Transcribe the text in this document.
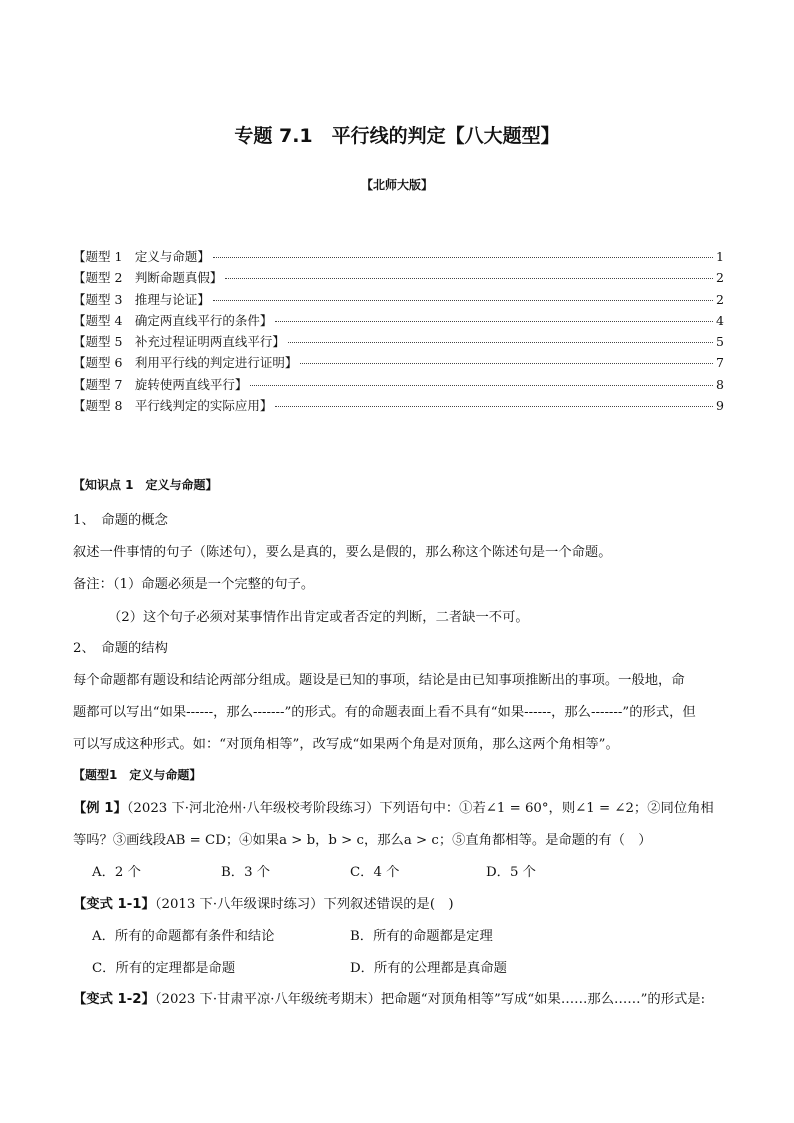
专题 7.1　平行线的判定【八大题型】
【北师大版】
【题型 1　定义与命题】	1
【题型 2　判断命题真假】	2
【题型 3　推理与论证】	2
【题型 4　确定两直线平行的条件】	4
【题型 5　补充过程证明两直线平行】	5
【题型 6　利用平行线的判定进行证明】	7
【题型 7　旋转使两直线平行】	8
【题型 8　平行线判定的实际应用】	9
【知识点 1　定义与命题】
1、　命题的概念
叙述一件事情的句子（陈述句），要么是真的，要么是假的，那么称这个陈述句是一个命题。
备注：（1）命题必须是一个完整的句子。
（2）这个句子必须对某事情作出肯定或者否定的判断，二者缺一不可。
2、　命题的结构
每个命题都有题设和结论两部分组成。题设是已知的事项，结论是由已知事项推断出的事项。一般地，命
题都可以写出“如果------，那么-------”的形式。有的命题表面上看不具有“如果------，那么-------”的形式，但
可以写成这种形式。如：“对顶角相等”，改写成“如果两个角是对顶角，那么这两个角相等”。
【题型1　定义与命题】
【例 1】（2023 下·河北沧州·八年级校考阶段练习）下列语句中：①若∠1 = 60°，则∠1 = ∠2；②同位角相
等吗？③画线段AB = CD；④如果a > b，b > c，那么a > c；⑤直角都相等。是命题的有（　）
A．2 个	B．3 个	C．4 个	D．5 个
【变式 1-1】（2013 下·八年级课时练习）下列叙述错误的是(　)
A．所有的命题都有条件和结论	B．所有的命题都是定理
C．所有的定理都是命题	D．所有的公理都是真命题
【变式 1-2】（2023 下·甘肃平凉·八年级统考期末）把命题“对顶角相等”写成“如果……那么……”的形式是:
